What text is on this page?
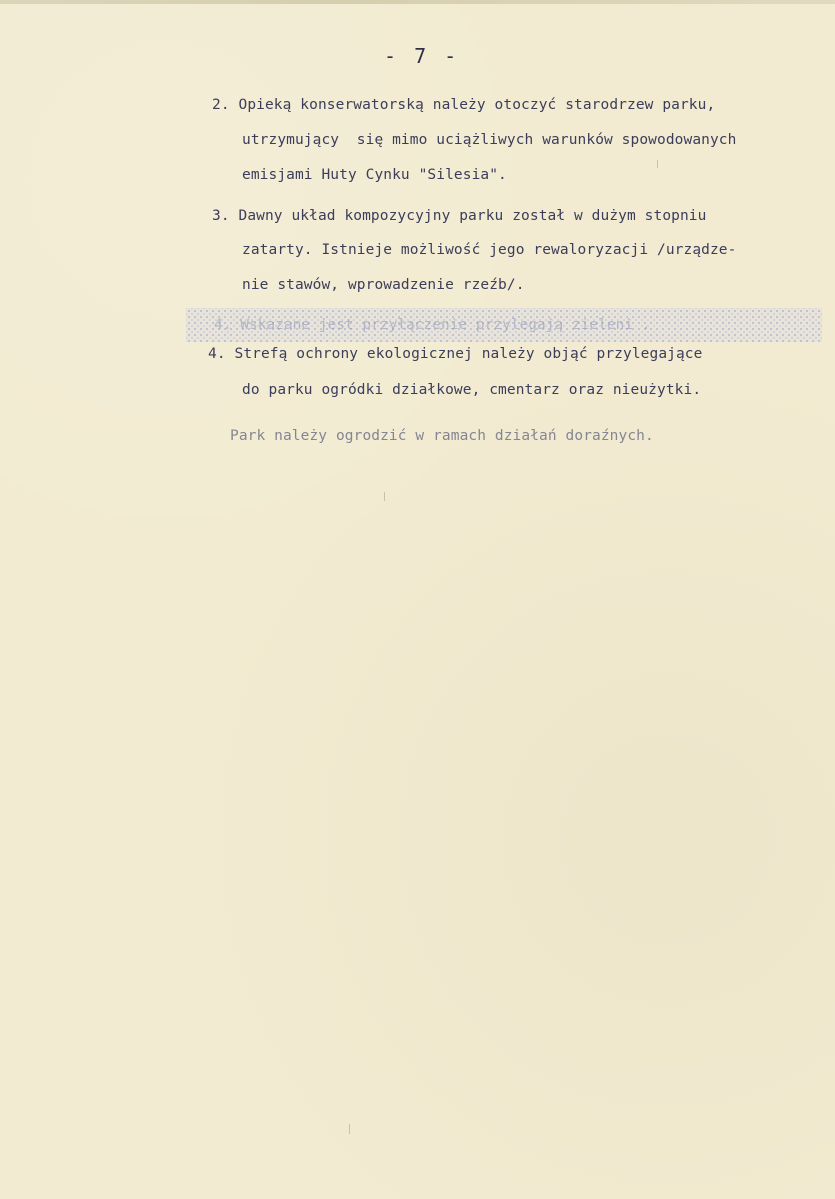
- 7 -
2. Opieką konserwatorską należy otoczyć starodrzew parku,
utrzymujący  się mimo uciążliwych warunków spowodowanych
emisjami Huty Cynku "Silesia".
3. Dawny układ kompozycyjny parku został w dużym stopniu
zatarty. Istnieje możliwość jego rewaloryzacji /urządze-
nie stawów, wprowadzenie rzeźb/.
4. Wskazane jest przyłączenie przylegają zieleni .
4. Strefą ochrony ekologicznej należy objąć przylegające
do parku ogródki działkowe, cmentarz oraz nieużytki.
Park należy ogrodzić w ramach działań doraźnych.
